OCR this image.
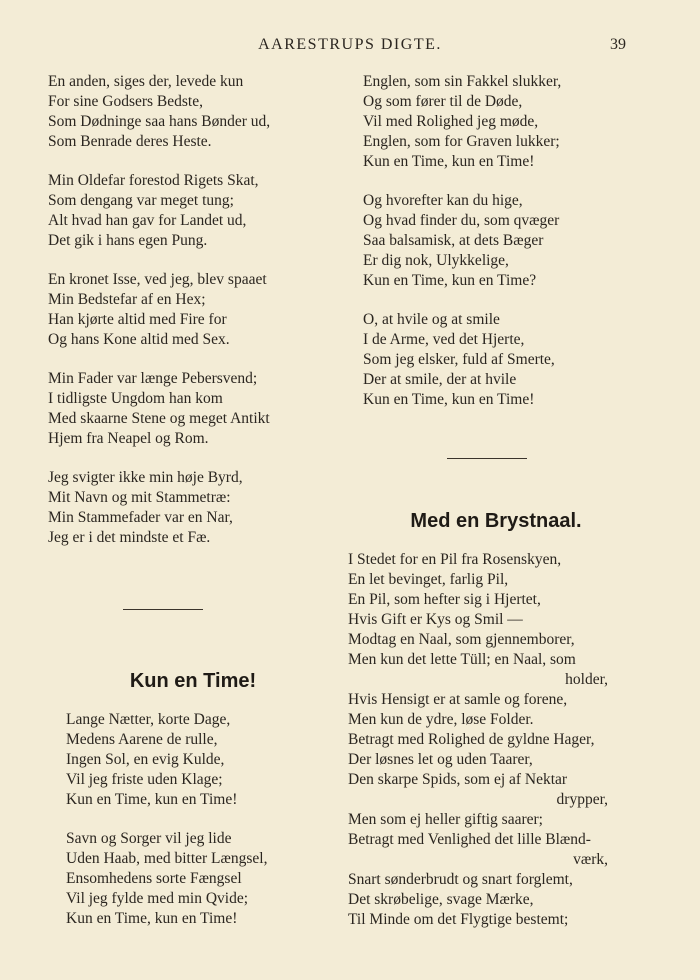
AARESTRUPS DIGTE.	39
En anden, siges der, levede kun
For sine Godsers Bedste,
Som Dødninge saa hans Bønder ud,
Som Benrade deres Heste.
Min Oldefar forestod Rigets Skat,
Som dengang var meget tung;
Alt hvad han gav for Landet ud,
Det gik i hans egen Pung.
En kronet Isse, ved jeg, blev spaaet
Min Bedstefar af en Hex;
Han kjørte altid med Fire for
Og hans Kone altid med Sex.
Min Fader var længe Pebersvend;
I tidligste Ungdom han kom
Med skaarne Stene og meget Antikt
Hjem fra Neapel og Rom.
Jeg svigter ikke min høje Byrd,
Mit Navn og mit Stammetræ:
Min Stammefader var en Nar,
Jeg er i det mindste et Fæ.
Kun en Time!
Lange Nætter, korte Dage,
Medens Aarene de rulle,
Ingen Sol, en evig Kulde,
Vil jeg friste uden Klage;
Kun en Time, kun en Time!
Savn og Sorger vil jeg lide
Uden Haab, med bitter Længsel,
Ensomhedens sorte Fængsel
Vil jeg fylde med min Qvide;
Kun en Time, kun en Time!
Englen, som sin Fakkel slukker,
Og som fører til de Døde,
Vil med Rolighed jeg møde,
Englen, som for Graven lukker;
Kun en Time, kun en Time!
Og hvorefter kan du hige,
Og hvad finder du, som qvæger
Saa balsamisk, at dets Bæger
Er dig nok, Ulykkelige,
Kun en Time, kun en Time?
O, at hvile og at smile
I de Arme, ved det Hjerte,
Som jeg elsker, fuld af Smerte,
Der at smile, der at hvile
Kun en Time, kun en Time!
Med en Brystnaal.
I Stedet for en Pil fra Rosenskyen,
En let bevinget, farlig Pil,
En Pil, som hefter sig i Hjertet,
Hvis Gift er Kys og Smil —
Modtag en Naal, som gjennemborer,
Men kun det lette Tüll; en Naal, som
holder,
Hvis Hensigt er at samle og forene,
Men kun de ydre, løse Folder.
Betragt med Rolighed de gyldne Hager,
Der løsnes let og uden Taarer,
Den skarpe Spids, som ej af Nektar
drypper,
Men som ej heller giftig saarer;
Betragt med Venlighed det lille Blænd-
værk,
Snart sønderbrudt og snart forglemt,
Det skrøbelige, svage Mærke,
Til Minde om det Flygtige bestemt;
